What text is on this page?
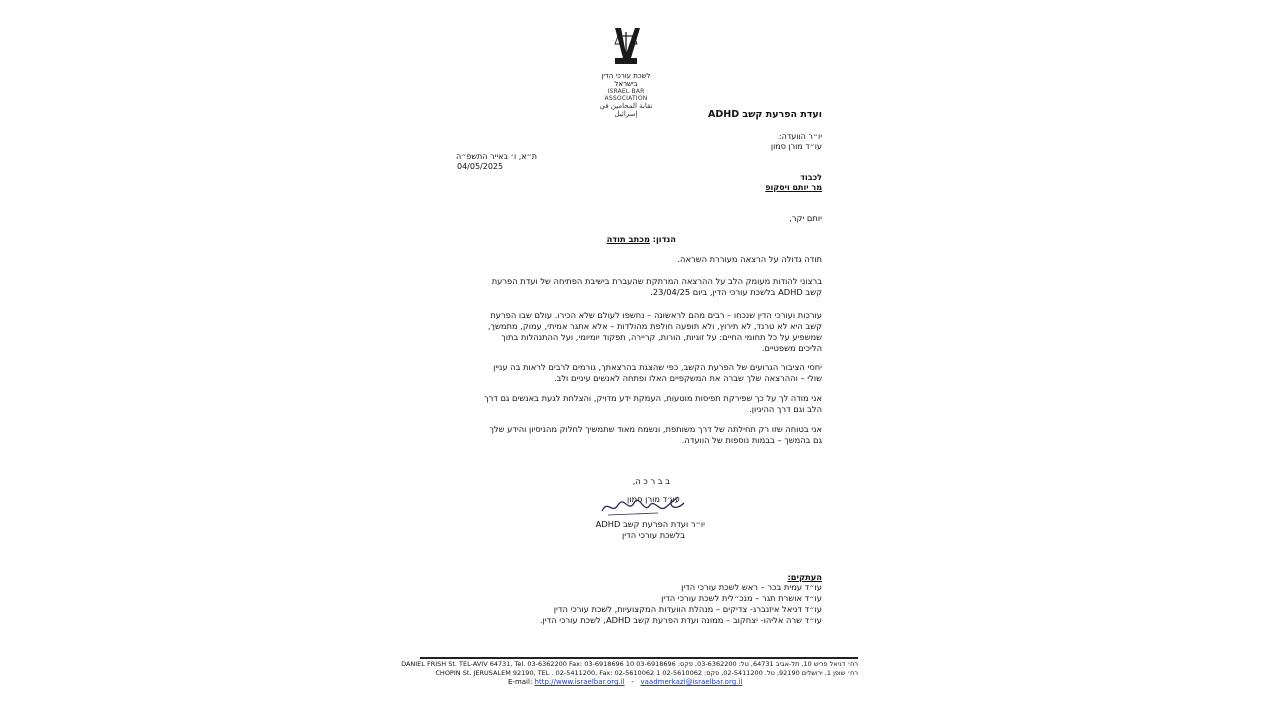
לשכת עורכי הדין בישראל
ISRAEL BAR ASSOCIATION
نقابة المحامين في إسرائيل	ועדת הפרעת קשב ADHD
יו״ר הוועדה:
עו״ד מורן סמון
ת״א, ו׳ באייר התשפ״ה
04/05/2025
לכבוד
מר יותם ויסקופ
יותם יקר,
הנדון: מכתב תודה
תודה גדולה על הרצאה מעוררת השראה.
ברצוני להודות מעומק הלב על ההרצאה המרתקת שהעברת בישיבת הפתיחה של ועדת הפרעת
קשב ADHD בלשכת עורכי הדין, ביום 23/04/25.
עורכות ועורכי הדין שנכחו – רבים מהם לראשונה – נחשפו לעולם שלא הכירו. עולם שבו הפרעת
קשב היא לא טרנד, לא תירוץ, ולא תופעה חולפת מהולדות – אלא אתגר אמיתי, עמוק, מתמשך,
שמשפיע על כל תחומי החיים: על זוגיות, הורות, קריירה, תפקוד יומיומי, ועל ההתנהלות בתוך
הליכים משפטיים.
יחסי הציבור הגרועים של הפרעת הקשב, כפי שהצגת בהרצאתך, גורמים לרבים לראות בה עניין
שולי – וההרצאה שלך שברה את המשקפיים האלו ופתחה לאנשים עיניים ולב.
אני מודה לך על כך שפירקת תפיסות מוטעות, העמקת ידע מדויק, והצלחת לגעת באנשים גם דרך
הלב וגם דרך ההיגיון.
אני בטוחה שזו רק תחילתה של דרך משותפת, ונשמח מאוד שתמשיך לחלוק מהניסיון והידע שלך
גם בהמשך – בבמות נוספות של הוועדה.
ב ב ר כ ה,
עו״ד מורן סמון
יו״ר ועדת הפרעת קשב ADHD
בלשכת עורכי הדין
העתקים:
עו״ד עמית בכר – ראש לשכת עורכי הדין
עו״ד אושרת תגר – מנכ״לית לשכת עורכי הדין
עו״ד דניאל איזנברג- צדיקים – מנהלת הוועדות המקצועיות, לשכת עורכי הדין
עו״ד שרה אליהו- יצחקוב – ממונה ועדת הפרעת קשב ADHD, לשכת עורכי הדין.
רח׳ דניאל פריש 10, תל-אביב 64731, טל: 03-6362200, פקס: 03-6918696 10 DANIEL FRISH St. TEL-AVIV 64731, Tel. 03-6362200 Fax: 03-6918696
רח׳ שופן 1, ירושלים 92190, טל. 02-5411200, פקס: 02-5610062 1 CHOPIN St. JERUSALEM 92190, TEL . 02-5411200, Fax: 02-5610062
E-mail: http://www.israelbar.org.il - vaadmerkazi@israelbar.org.il
